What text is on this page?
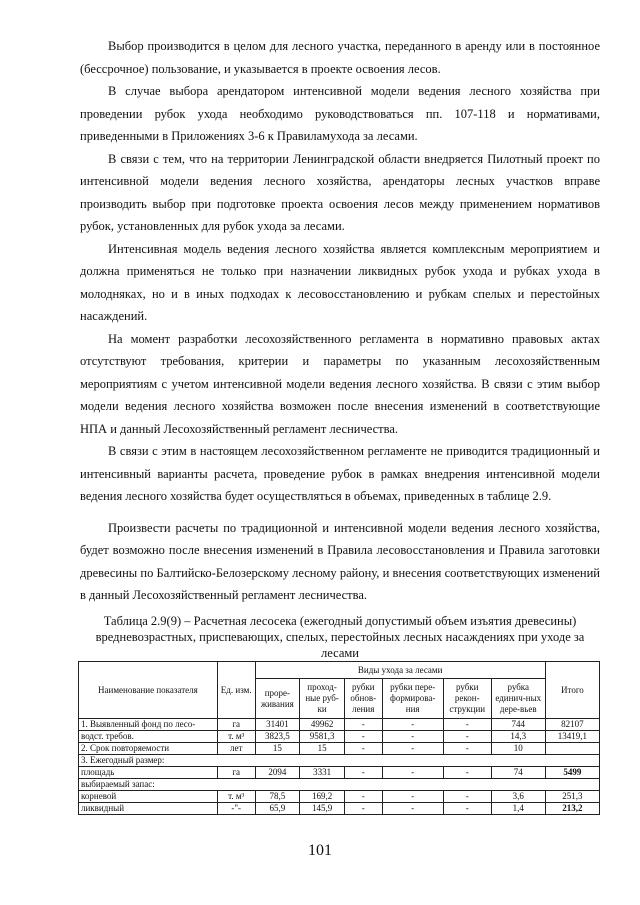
Выбор производится в целом для лесного участка, переданного в аренду или в постоянное (бессрочное) пользование, и указывается в проекте освоения лесов.

В случае выбора арендатором интенсивной модели ведения лесного хозяйства при проведении рубок ухода необходимо руководствоваться пп. 107-118 и нормативами, приведенными в Приложениях 3-6 к Правиламухода за лесами.

В связи с тем, что на территории Ленинградской области внедряется Пилотный проект по интенсивной модели ведения лесного хозяйства, арендаторы лесных участков вправе производить выбор при подготовке проекта освоения лесов между применением нормативов рубок, установленных для рубок ухода за лесами.

Интенсивная модель ведения лесного хозяйства является комплексным мероприятием и должна применяться не только при назначении ликвидных рубок ухода и рубках ухода в молодняках, но и в иных подходах к лесовосстановлению и рубкам спелых и перестойных насаждений.

На момент разработки лесохозяйственного регламента в нормативно правовых актах отсутствуют требования, критерии и параметры по указанным лесохозяйственным мероприятиям с учетом интенсивной модели ведения лесного хозяйства. В связи с этим выбор модели ведения лесного хозяйства возможен после внесения изменений в соответствующие НПА и данный Лесохозяйственный регламент лесничества.

В связи с этим в настоящем лесохозяйственном регламенте не приводится традиционный и интенсивный варианты расчета, проведение рубок в рамках внедрения интенсивной модели ведения лесного хозяйства будет осуществляться в объемах, приведенных в таблице 2.9.

Произвести расчеты по традиционной и интенсивной модели ведения лесного хозяйства, будет возможно после внесения изменений в Правила лесовосстановления и Правила заготовки древесины по Балтийско-Белозерскому лесному району, и внесения соответствующих изменений в данный Лесохозяйственный регламент лесничества.

Таблица 2.9(9) – Расчетная лесосека (ежегодный допустимый объем изъятия древесины) вредневозрастных, приспевающих, спелых, перестойных лесных насаждениях при уходе за лесами
Наименование показателя	Ед. изм.	Виды ухода за лесами						Итого
		проре-живания	проход-ные руб-ки	рубки обнов-ления	рубки пере-формирова-ния	рубки рекон-струкции	рубка единич-ных дере-вьев	
1. Выявленный фонд по лесо-	га	31401	49962	-	-	-	744	82107
водст. требов.	т. м³	3823,5	9581,3	-	-	-	14,3	13419,1
2. Срок повторяемости	лет	15	15	-	-	-	10	
3. Ежегодный размер:								
площадь	га	2094	3331	-	-	-	74	5499
выбираемый запас:								
корневой	т. м³	78,5	169,2	-	-	-	3,6	251,3
ликвидный	-"-	65,9	145,9	-	-	-	1,4	213,2
101
